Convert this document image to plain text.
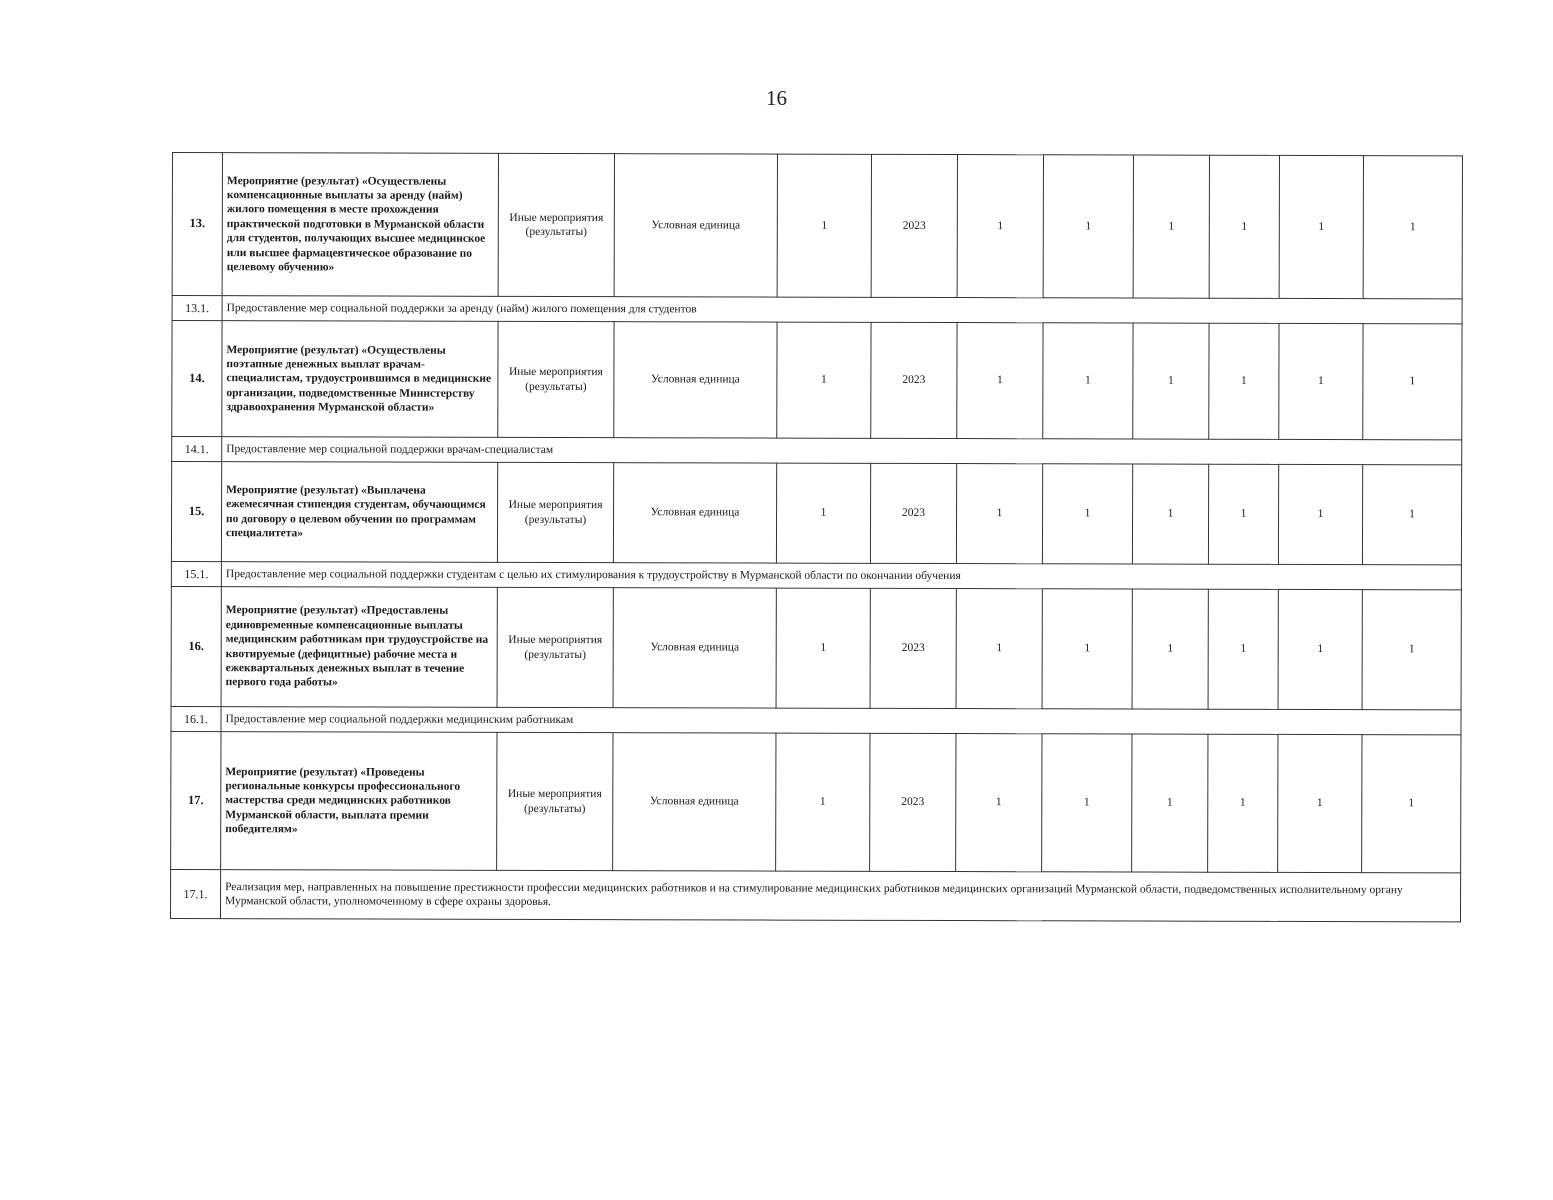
16
13.	Мероприятие (результат) «Осуществлены компенсационные выплаты за аренду (найм) жилого помещения в месте прохождения практической подготовки в Мурманской области для студентов, получающих высшее медицинское или высшее фармацевтическое образование по целевому обучению»	Иные мероприятия (результаты)	Условная единица	1	2023	1	1	1	1	1	1
13.1.	Предоставление мер социальной поддержки за аренду (найм) жилого помещения для студентов										
14.	Мероприятие (результат) «Осуществлены поэтапные денежных выплат врачам-специалистам, трудоустроившимся в медицинские организации, подведомственные Министерству здравоохранения Мурманской области»	Иные мероприятия (результаты)	Условная единица	1	2023	1	1	1	1	1	1
14.1.	Предоставление мер социальной поддержки врачам-специалистам										
15.	Мероприятие (результат) «Выплачена ежемесячная стипендия студентам, обучающимся по договору о целевом обучении по программам специалитета»	Иные мероприятия (результаты)	Условная единица	1	2023	1	1	1	1	1	1
15.1.	Предоставление мер социальной поддержки студентам с целью их стимулирования к трудоустройству в Мурманской области по окончании обучения										
16.	Мероприятие (результат) «Предоставлены единовременные компенсационные выплаты медицинским работникам при трудоустройстве на квотируемые (дефицитные) рабочие места и ежеквартальных денежных выплат в течение первого года работы»	Иные мероприятия (результаты)	Условная единица	1	2023	1	1	1	1	1	1
16.1.	Предоставление мер социальной поддержки медицинским работникам										
17.	Мероприятие (результат) «Проведены региональные конкурсы профессионального мастерства среди медицинских работников Мурманской области, выплата премии победителям»	Иные мероприятия (результаты)	Условная единица	1	2023	1	1	1	1	1	1
17.1.	Реализация мер, направленных на повышение престижности профессии медицинских работников и на стимулирование медицинских работников медицинских организаций Мурманской области, подведомственных исполнительному органу Мурманской области, уполномоченному в сфере охраны здоровья.										
